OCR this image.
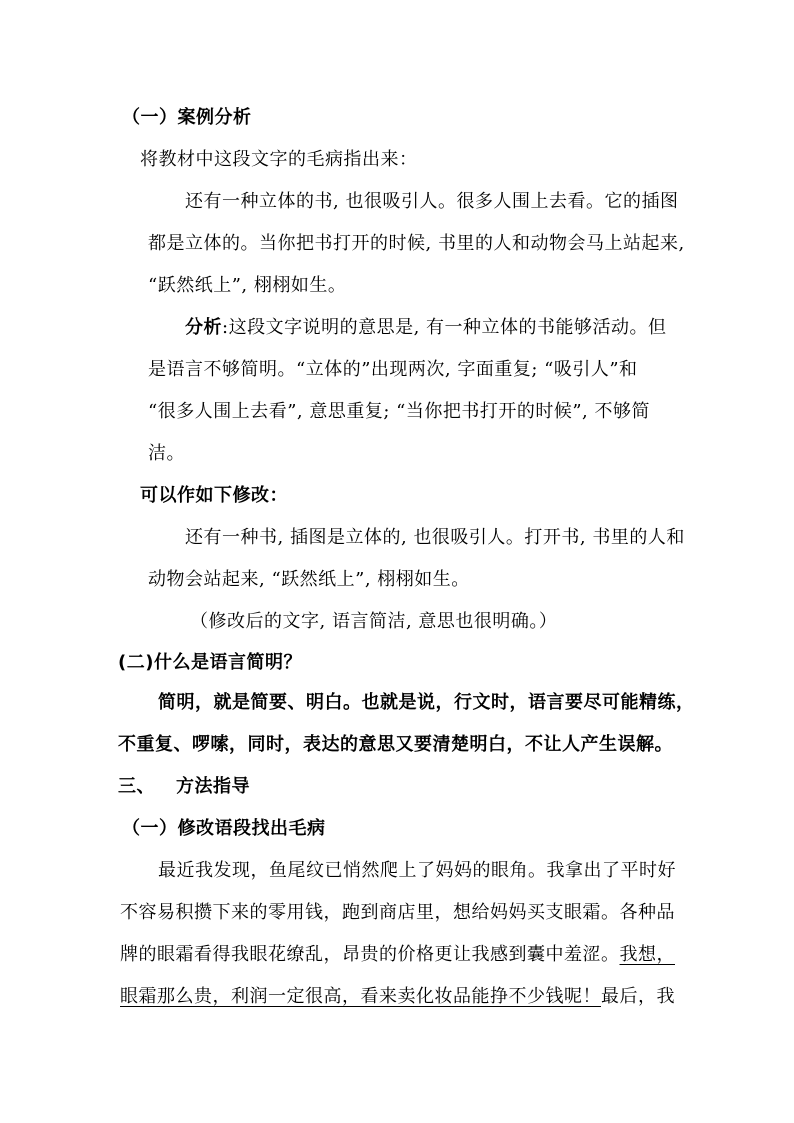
（一）案例分析
将教材中这段文字的毛病指出来：
还有一种立体的书, 也很吸引人。很多人围上去看。它的插图
都是立体的。当你把书打开的时候, 书里的人和动物会马上站起来,
“跃然纸上”, 栩栩如生。
分析:这段文字说明的意思是, 有一种立体的书能够活动。但
是语言不够简明。“立体的”出现两次, 字面重复; “吸引人”和
“很多人围上去看”, 意思重复; “当你把书打开的时候”, 不够简
洁。
可以作如下修改：
还有一种书, 插图是立体的, 也很吸引人。打开书, 书里的人和
动物会站起来, “跃然纸上”, 栩栩如生。
（修改后的文字, 语言简洁, 意思也很明确。）
(二)什么是语言简明？
简明，就是简要、明白。也就是说，行文时，语言要尽可能精练，
不重复、啰嗦，同时，表达的意思又要清楚明白，不让人产生误解。
三、 方法指导
（一）修改语段找出毛病
最近我发现，鱼尾纹已悄然爬上了妈妈的眼角。我拿出了平时好
不容易积攒下来的零用钱，跑到商店里，想给妈妈买支眼霜。各种品
牌的眼霜看得我眼花缭乱，昂贵的价格更让我感到囊中羞涩。我想，
眼霜那么贵，利润一定很高，看来卖化妆品能挣不少钱呢！最后，我
